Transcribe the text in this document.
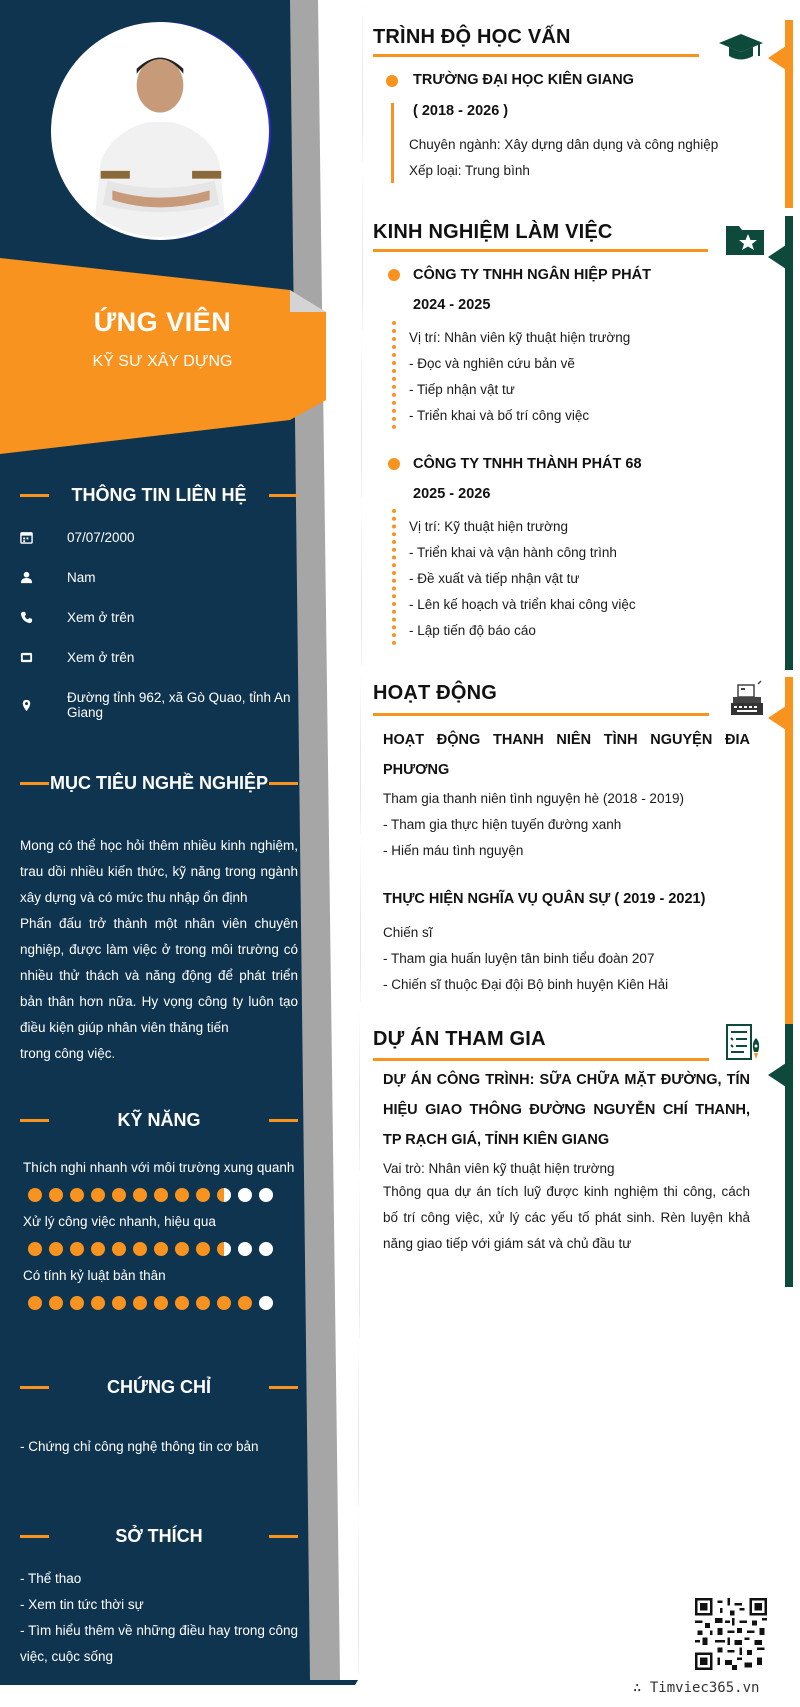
ỨNG VIÊN
KỸ SƯ XÂY DỰNG
THÔNG TIN LIÊN HỆ
07/07/2000
Nam
Xem ở trên
Xem ở trên
Đường tỉnh 962, xã Gò Quao, tỉnh An Giang
MỤC TIÊU NGHỀ NGHIỆP

Mong có thể học hỏi thêm nhiều kinh nghiệm, trau dồi nhiều kiến thức, kỹ năng trong ngành xây dựng và có mức thu nhập ổn định

Phấn đấu trở thành một nhân viên chuyên nghiệp, được làm việc ở trong môi trường có nhiều thử thách và năng động để phát triển bản thân hơn nữa. Hy vọng công ty luôn tạo điều kiện giúp nhân viên thăng tiến

trong công việc.

KỸ NĂNG
Thích nghi nhanh với môi trường xung quanh
Xử lý công việc nhanh, hiệu qua
Có tính kỷ luật bản thân
CHỨNG CHỈ
- Chứng chỉ công nghệ thông tin cơ bản
SỞ THÍCH
- Thể thao
- Xem tin tức thời sự
- Tìm hiểu thêm về những điều hay trong công việc, cuộc sống
TRÌNH ĐỘ HỌC VẤN
TRƯỜNG ĐẠI HỌC KIÊN GIANG
( 2018 - 2026 )
Chuyên ngành: Xây dựng dân dụng và công nghiệp
Xếp loại: Trung bình
KINH NGHIỆM LÀM VIỆC
CÔNG TY TNHH NGÂN HIỆP PHÁT
2024 - 2025
Vị trí: Nhân viên kỹ thuật hiện trường
- Đọc và nghiên cứu bản vẽ
- Tiếp nhận vật tư
- Triển khai và bố trí công việc
CÔNG TY TNHH THÀNH PHÁT 68
2025 - 2026
Vị trí: Kỹ thuật hiện trường
- Triển khai và vận hành công trình
- Đề xuất và tiếp nhận vật tư
- Lên kế hoạch và triển khai công việc
- Lập tiến độ báo cáo
HOẠT ĐỘNG
HOẠT ĐỘNG THANH NIÊN TÌNH NGUYỆN ĐIA PHƯƠNG
Tham gia thanh niên tình nguyện hè (2018 - 2019)
- Tham gia thực hiện tuyến đường xanh
- Hiến máu tình nguyện
THỰC HIỆN NGHĨA VỤ QUÂN SỰ ( 2019 - 2021)
Chiến sĩ
- Tham gia huấn luyện tân binh tiểu đoàn 207
- Chiến sĩ thuộc Đại đội Bộ binh huyện Kiên Hải
DỰ ÁN THAM GIA
DỰ ÁN CÔNG TRÌNH: SỮA CHỮA MẶT ĐƯỜNG, TÍN HIỆU GIAO THÔNG ĐƯỜNG NGUYỄN CHÍ THANH, TP RẠCH GIÁ, TỈNH KIÊN GIANG
Vai trò: Nhân viên kỹ thuật hiện trường
Thông qua dự án tích luỹ được kinh nghiệm thi công, cách bố trí công việc, xử lý các yếu tố phát sinh. Rèn luyện khả năng giao tiếp với giám sát và chủ đầu tư
∴ Timviec365.vn
